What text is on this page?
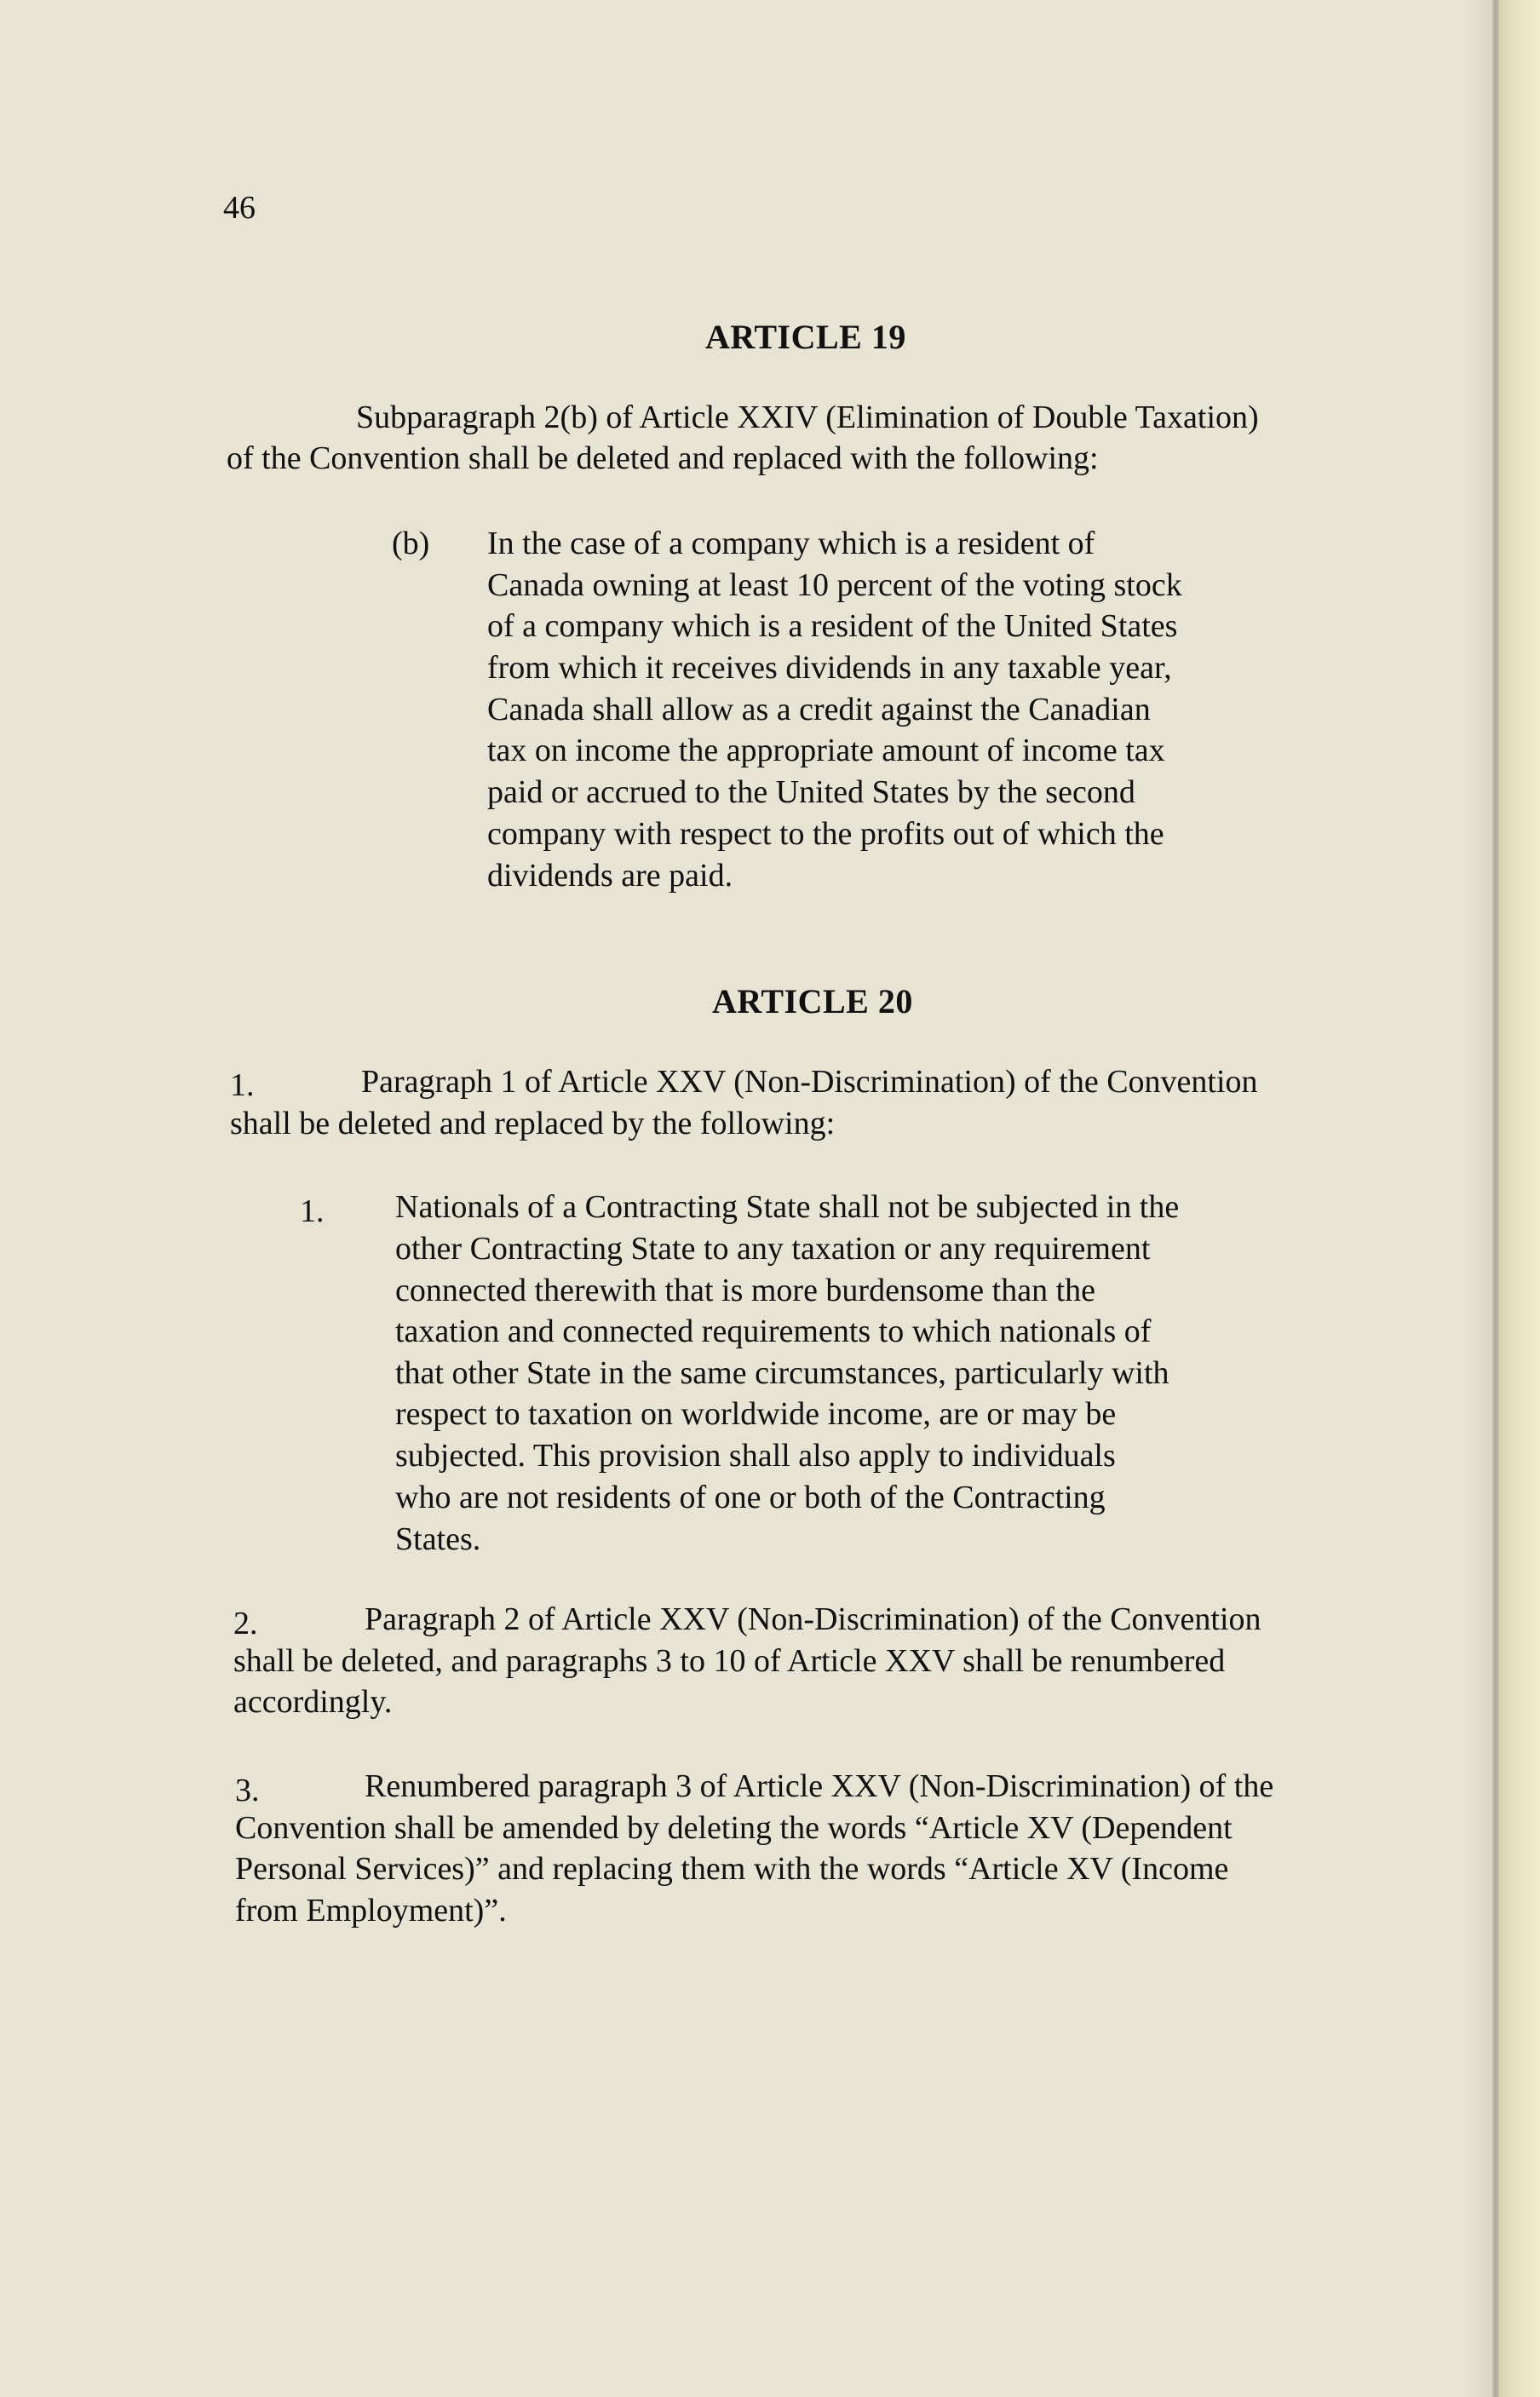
46
ARTICLE 19
Subparagraph 2(b) of Article XXIV (Elimination of Double Taxation)
of the Convention shall be deleted and replaced with the following:
(b) In the case of a company which is a resident of
Canada owning at least 10 percent of the voting stock
of a company which is a resident of the United States
from which it receives dividends in any taxable year,
Canada shall allow as a credit against the Canadian
tax on income the appropriate amount of income tax
paid or accrued to the United States by the second
company with respect to the profits out of which the
dividends are paid.
ARTICLE 20
1.	Paragraph 1 of Article XXV (Non-Discrimination) of the Convention
shall be deleted and replaced by the following:
1. Nationals of a Contracting State shall not be subjected in the
other Contracting State to any taxation or any requirement
connected therewith that is more burdensome than the
taxation and connected requirements to which nationals of
that other State in the same circumstances, particularly with
respect to taxation on worldwide income, are or may be
subjected. This provision shall also apply to individuals
who are not residents of one or both of the Contracting
States.
2.	Paragraph 2 of Article XXV (Non-Discrimination) of the Convention
shall be deleted, and paragraphs 3 to 10 of Article XXV shall be renumbered
accordingly.
3.	Renumbered paragraph 3 of Article XXV (Non-Discrimination) of the
Convention shall be amended by deleting the words “Article XV (Dependent
Personal Services)” and replacing them with the words “Article XV (Income
from Employment)”.
